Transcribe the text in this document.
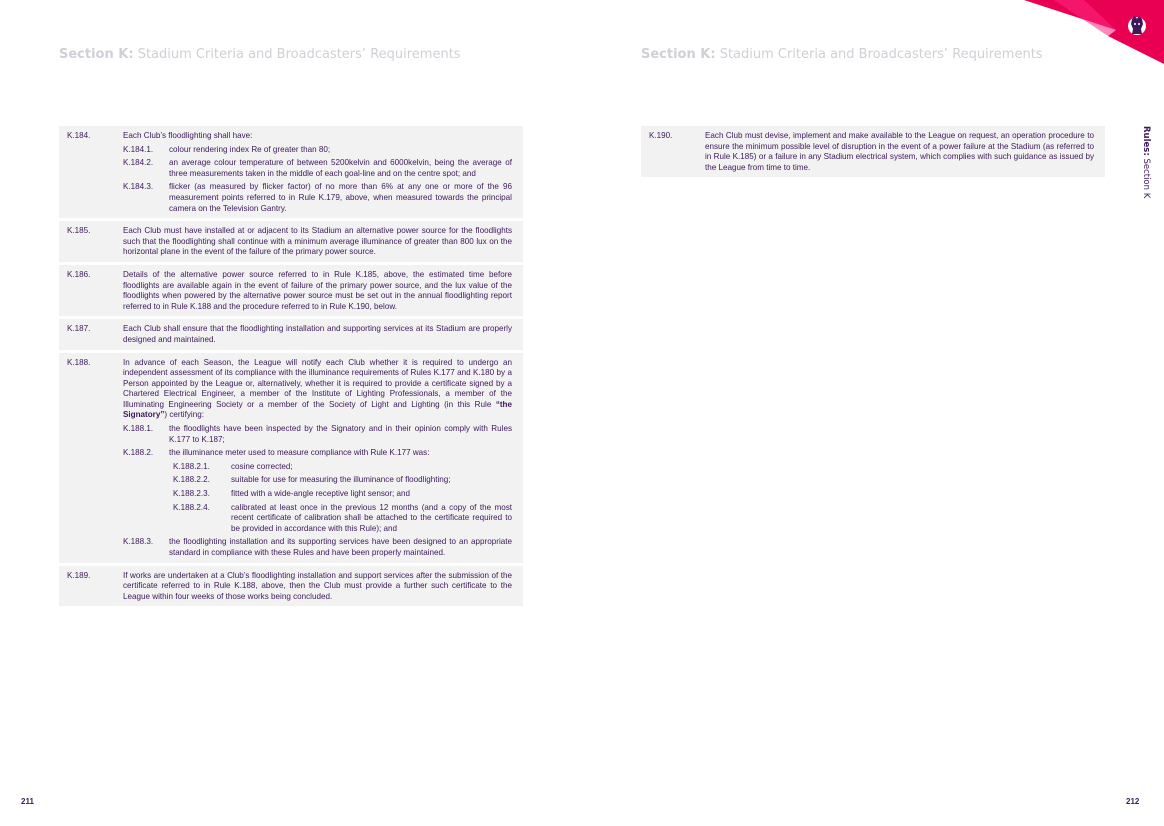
Section K: Stadium Criteria and Broadcasters’ Requirements	Section K: Stadium Criteria and Broadcasters’ Requirements
Rules: Section K
K.184.	Each Club’s floodlighting shall have:
K.184.1.	colour rendering index Re of greater than 80;
K.184.2.	an average colour temperature of between 5200kelvin and 6000kelvin, being the average of three measurements taken in the middle of each goal-line and on the centre spot; and
K.184.3.	flicker (as measured by flicker factor) of no more than 6% at any one or more of the 96 measurement points referred to in Rule K.179, above, when measured towards the principal camera on the Television Gantry.
K.185.	Each Club must have installed at or adjacent to its Stadium an alternative power source for the floodlights such that the floodlighting shall continue with a minimum average illuminance of greater than 800 lux on the horizontal plane in the event of the failure of the primary power source.
K.186.	Details of the alternative power source referred to in Rule K.185, above, the estimated time before floodlights are available again in the event of failure of the primary power source, and the lux value of the floodlights when powered by the alternative power source must be set out in the annual floodlighting report referred to in Rule K.188 and the procedure referred to in Rule K.190, below.
K.187.	Each Club shall ensure that the floodlighting installation and supporting services at its Stadium are properly designed and maintained.
K.188.	In advance of each Season, the League will notify each Club whether it is required to undergo an independent assessment of its compliance with the illuminance requirements of Rules K.177 and K.180 by a Person appointed by the League or, alternatively, whether it is required to provide a certificate signed by a Chartered Electrical Engineer, a member of the Institute of Lighting Professionals, a member of the Illuminating Engineering Society or a member of the Society of Light and Lighting (in this Rule “the Signatory”) certifying:
K.188.1.	the floodlights have been inspected by the Signatory and in their opinion comply with Rules K.177 to K.187;
K.188.2.	the illuminance meter used to measure compliance with Rule K.177 was:
K.188.2.1.	cosine corrected;
K.188.2.2.	suitable for use for measuring the illuminance of floodlighting;
K.188.2.3.	fitted with a wide-angle receptive light sensor; and
K.188.2.4.	calibrated at least once in the previous 12 months (and a copy of the most recent certificate of calibration shall be attached to the certificate required to be provided in accordance with this Rule); and
K.188.3.	the floodlighting installation and its supporting services have been designed to an appropriate standard in compliance with these Rules and have been properly maintained.
K.189.	If works are undertaken at a Club’s floodlighting installation and support services after the submission of the certificate referred to in Rule K.188, above, then the Club must provide a further such certificate to the League within four weeks of those works being concluded.
K.190.	Each Club must devise, implement and make available to the League on request, an operation procedure to ensure the minimum possible level of disruption in the event of a power failure at the Stadium (as referred to in Rule K.185) or a failure in any Stadium electrical system, which complies with such guidance as issued by the League from time to time.
211	212
